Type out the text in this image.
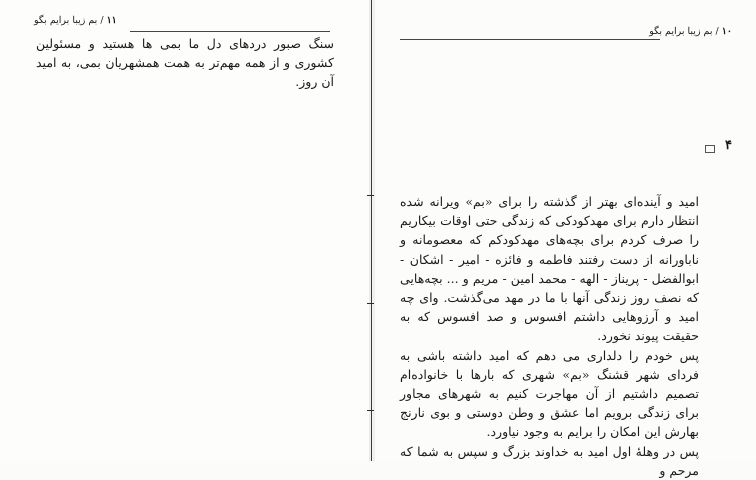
۱۱ / بم زیبا برایم بگو

سنگ صبور دردهای دل ما بمی ها هستید و مسئولین کشوری و از همه مهم‌تر به همت همشهریان بمی، به امید آن روز.

۱۰ / بم زیبا برایم بگو
۴

امید و آینده‌ای بهتر از گذشته را برای «بم» ویرانه شده انتظار دارم برای مهدکودکی که زندگی حتی اوقات بیکاریم را صرف کردم برای بچه‌های مهدکودکم که معصومانه و ناباورانه از دست رفتند فاطمه و فائزه - امیر - اشکان - ابوالفضل - پریناز - الهه - محمد امین - مریم و ... بچه‌هایی که نصف روز زندگی آنها با ما در مهد می‌گذشت. وای چه امید و آرزوهایی داشتم افسوس و صد افسوس که به حقیقت پیوند نخورد.

پس خودم را دلداری می دهم که امید داشته باشی به فردای شهر قشنگ «بم» شهری که بارها با خانواده‌ام تصمیم داشتیم از آن مهاجرت کنیم به شهرهای مجاور برای زندگی برویم اما عشق و وطن دوستی و بوی نارنج بهارش این امکان را برایم به وجود نیاورد.

پس در وهلهٔ اول امید به خداوند بزرگ و سپس به شما که مرحم و
